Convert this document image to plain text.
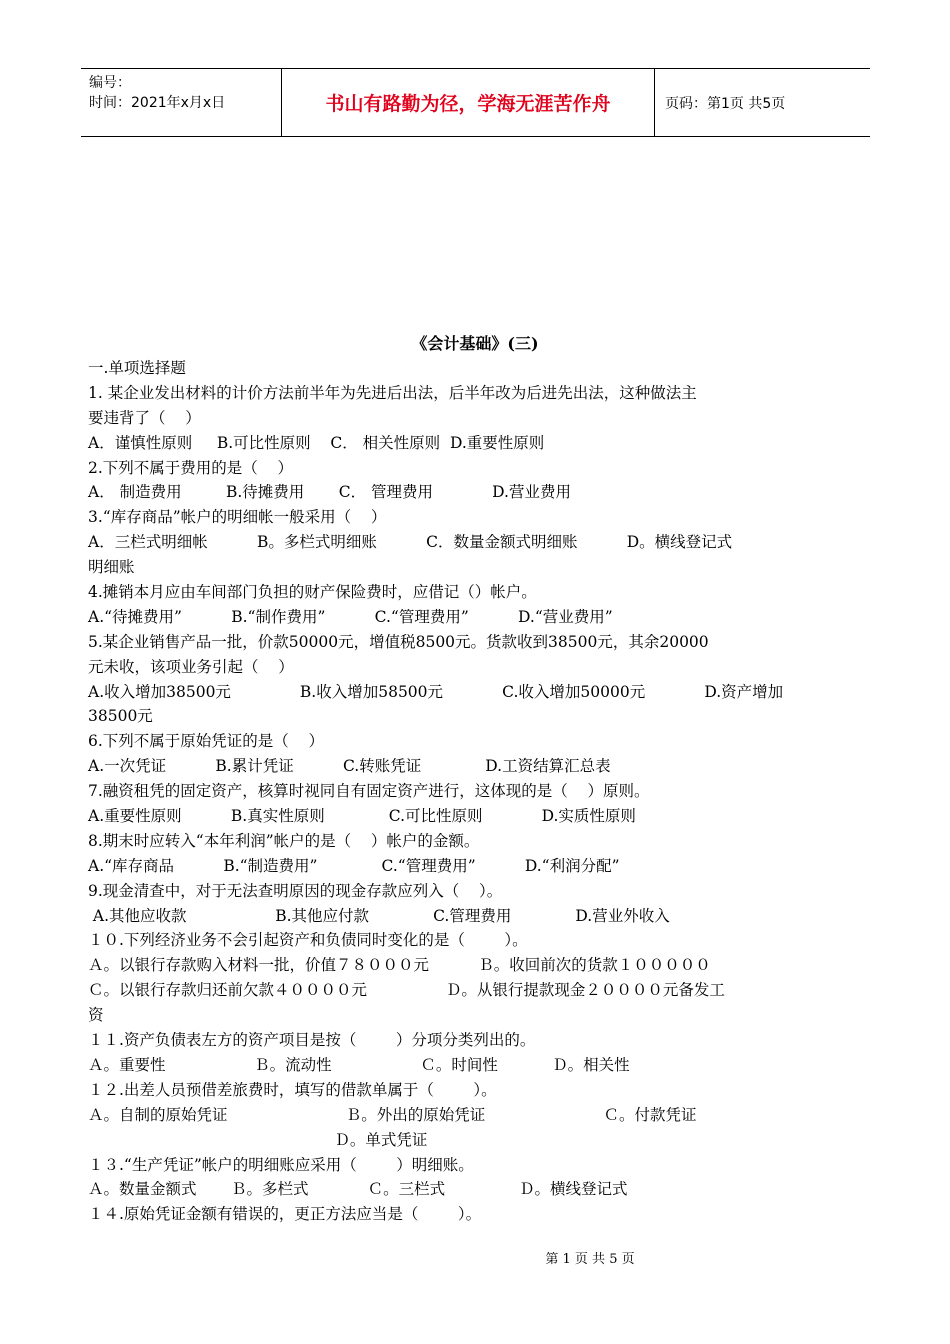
编号：
时间：2021年x月x日	书山有路勤为径，学海无涯苦作舟	页码：第1页 共5页
《会计基础》(三)
一.单项选择题
1. 某企业发出材料的计价方法前半年为先进后出法，后半年改为后进先出法，这种做法主
要违背了（    ）
A．谨慎性原则     B.可比性原则    C． 相关性原则  D.重要性原则
2.下列不属于费用的是（    ）
A． 制造费用         B.待摊费用       C． 管理费用            D.营业费用
3.“库存商品”帐户的明细帐一般采用（    ）
A．三栏式明细帐          B。多栏式明细账          C．数量金额式明细账          D。横线登记式
明细账
4.摊销本月应由车间部门负担的财产保险费时，应借记（）帐户。
A.“待摊费用”          B.“制作费用”          C.“管理费用”          D.“营业费用”
5.某企业销售产品一批，价款50000元，增值税8500元。货款收到38500元，其余20000
元未收，该项业务引起（    ）
A.收入增加38500元              B.收入增加58500元            C.收入增加50000元            D.资产增加
38500元
6.下列不属于原始凭证的是（    ）
A.一次凭证          B.累计凭证          C.转账凭证             D.工资结算汇总表
7.融资租凭的固定资产，核算时视同自有固定资产进行，这体现的是（    ）原则。
A.重要性原则          B.真实性原则             C.可比性原则            D.实质性原则
8.期末时应转入“本年利润”帐户的是（    ）帐户的金额。
A.“库存商品          B.“制造费用”             C.“管理费用”          D.“利润分配”
9.现金清查中，对于无法查明原因的现金存款应列入（    ）。
A.其他应收款                  B.其他应付款             C.管理费用             D.营业外收入
１０.下列经济业务不会引起资产和负债同时变化的是（        ）。
Ａ。以银行存款购入材料一批，价值７８０００元          Ｂ。收回前次的货款１０００００
Ｃ。以银行存款归还前欠款４００００元                Ｄ。从银行提款现金２００００元备发工
资
１１.资产负债表左方的资产项目是按（        ）分项分类列出的。
Ａ。重要性                  Ｂ。流动性                  Ｃ。时间性           Ｄ。相关性
１２.出差人员预借差旅费时，填写的借款单属于（        ）。
Ａ。自制的原始凭证                        Ｂ。外出的原始凭证                        Ｃ。付款凭证
Ｄ。单式凭证
１３.“生产凭证”帐户的明细账应采用（        ）明细账。
Ａ。数量金额式       Ｂ。多栏式            Ｃ。三栏式               Ｄ。横线登记式
１４.原始凭证金额有错误的，更正方法应当是（        ）。
第 1 页 共 5 页
